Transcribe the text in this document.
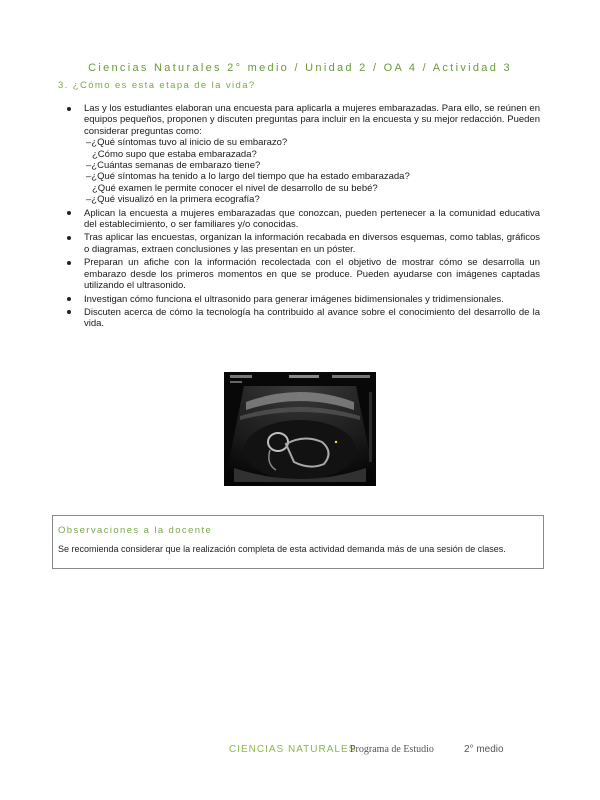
Ciencias Naturales 2° medio / Unidad 2 / OA 4 / Actividad 3
3. ¿Cómo es esta etapa de la vida?
Las y los estudiantes elaboran una encuesta para aplicarla a mujeres embarazadas. Para ello, se reúnen en equipos pequeños, proponen y discuten preguntas para incluir en la encuesta y su mejor redacción. Pueden considerar preguntas como:
–¿Qué síntomas tuvo al inicio de su embarazo?
¿Cómo supo que estaba embarazada?
–¿Cuántas semanas de embarazo tiene?
–¿Qué síntomas ha tenido a lo largo del tiempo que ha estado embarazada?
¿Qué examen le permite conocer el nivel de desarrollo de su bebé?
–¿Qué visualizó en la primera ecografía?
Aplican la encuesta a mujeres embarazadas que conozcan, pueden pertenecer a la comunidad educativa del establecimiento, o ser familiares y/o conocidas.
Tras aplicar las encuestas, organizan la información recabada en diversos esquemas, como tablas, gráficos o diagramas, extraen conclusiones y las presentan en un póster.
Preparan un afiche con la información recolectada con el objetivo de mostrar cómo se desarrolla un embarazo desde los primeros momentos en que se produce. Pueden ayudarse con imágenes captadas utilizando el ultrasonido.
Investigan cómo funciona el ultrasonido para generar imágenes bidimensionales y tridimensionales.
Discuten acerca de cómo la tecnología ha contribuido al avance sobre el conocimiento del desarrollo de la vida.
Observaciones a la docente
Se recomienda considerar que la realización completa de esta actividad demanda más de una sesión de clases.
CIENCIAS NATURALES
Programa de Estudio	2° medio
